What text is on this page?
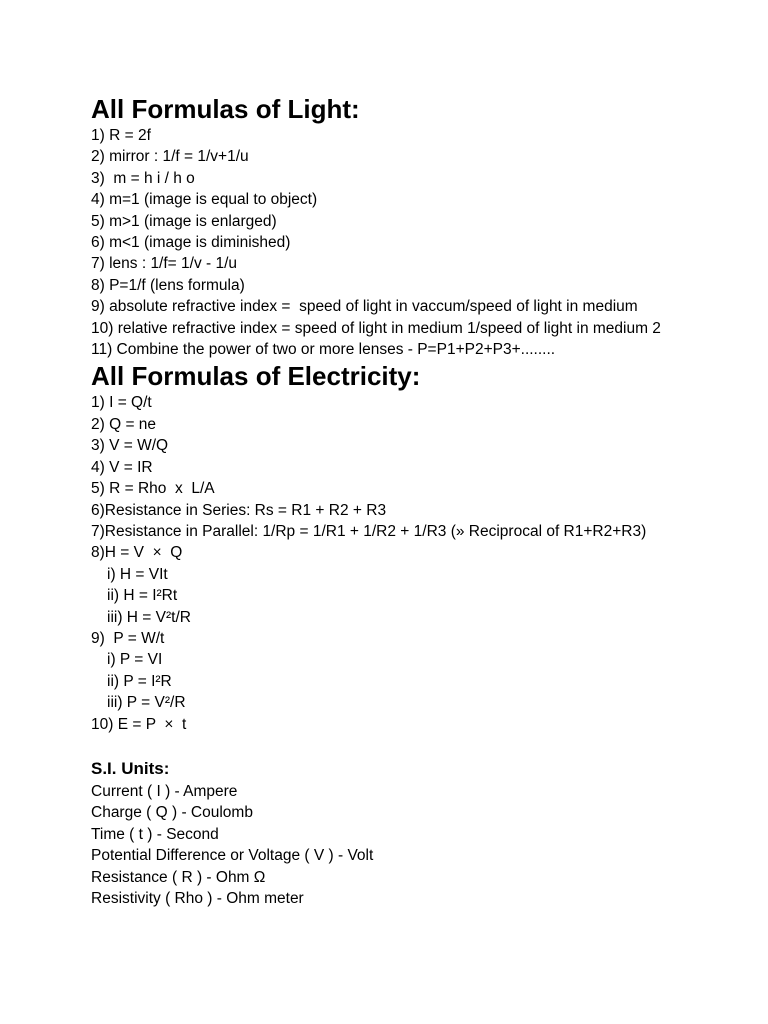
All Formulas of Light:
1) R = 2f
2) mirror : 1/f = 1/v+1/u
3)  m = h i / h o
4) m=1 (image is equal to object)
5) m>1 (image is enlarged)
6) m<1 (image is diminished)
7) lens : 1/f= 1/v - 1/u
8) P=1/f (lens formula)
9) absolute refractive index =  speed of light in vaccum/speed of light in medium
10) relative refractive index = speed of light in medium 1/speed of light in medium 2
11) Combine the power of two or more lenses - P=P1+P2+P3+........
All Formulas of Electricity:
1) I = Q/t
2) Q = ne
3) V = W/Q
4) V = IR
5) R = Rho  x  L/A
6)Resistance in Series: Rs = R1 + R2 + R3
7)Resistance in Parallel: 1/Rp = 1/R1 + 1/R2 + 1/R3 (» Reciprocal of R1+R2+R3)
8)H = V  ×  Q
i) H = VIt
ii) H = I²Rt
iii) H = V²t/R
9)  P = W/t
i) P = VI
ii) P = I²R
iii) P = V²/R
10) E = P  ×  t
S.I. Units:
Current ( I ) - Ampere
Charge ( Q ) - Coulomb
Time ( t ) - Second
Potential Difference or Voltage ( V ) - Volt
Resistance ( R ) - Ohm Ω
Resistivity ( Rho ) - Ohm meter
